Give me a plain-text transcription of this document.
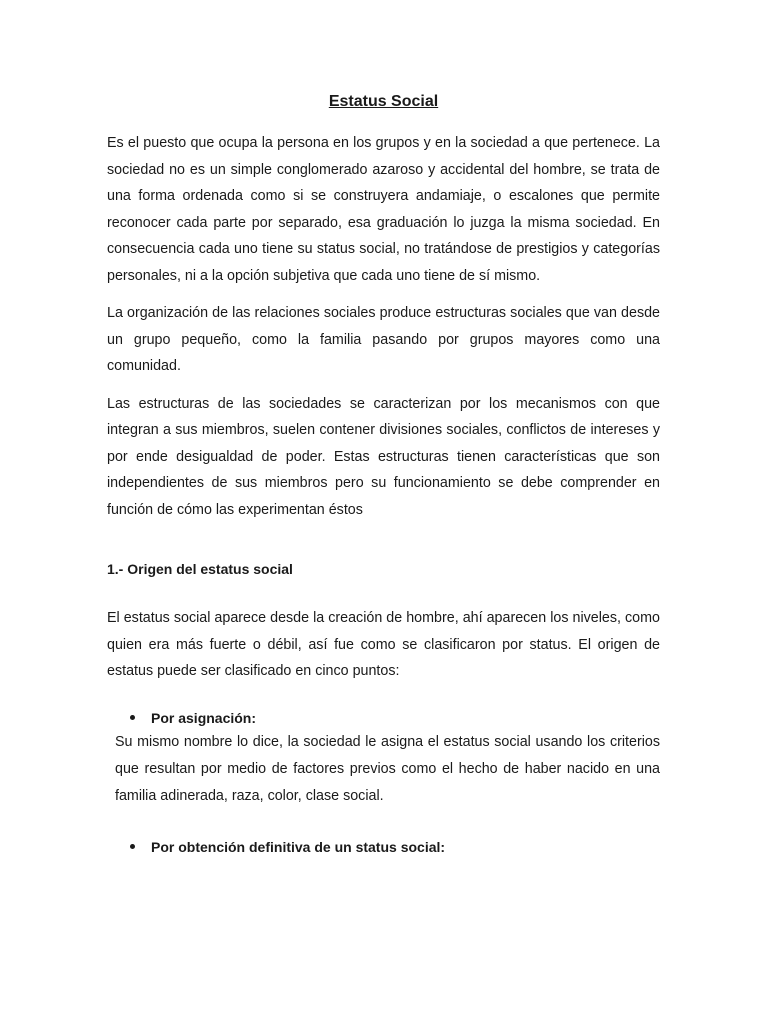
Estatus Social

Es el puesto que ocupa la persona en los grupos y en la sociedad a que pertenece. La sociedad no es un simple conglomerado azaroso y accidental del hombre, se trata de una forma ordenada como si se construyera andamiaje, o escalones que permite reconocer cada parte por separado, esa graduación lo juzga la misma sociedad. En consecuencia cada uno tiene su status social, no tratándose de prestigios y categorías personales, ni a la opción subjetiva que cada uno tiene de sí mismo.

La organización de las relaciones sociales produce estructuras sociales que van desde un grupo pequeño, como la familia pasando por grupos mayores como una comunidad.

Las estructuras de las sociedades se caracterizan por los mecanismos con que integran a sus miembros, suelen contener divisiones sociales, conflictos de intereses y por ende desigualdad de poder. Estas estructuras tienen características que son independientes de sus miembros pero su funcionamiento se debe comprender en función de cómo las experimentan éstos

1.- Origen del estatus social

El estatus social aparece desde la creación de hombre, ahí aparecen los niveles, como quien era más fuerte o débil, así fue como se clasificaron por status. El origen de estatus puede ser clasificado en cinco puntos:

Por asignación:

Su mismo nombre lo dice, la sociedad le asigna el estatus social usando los criterios que resultan por medio de factores previos como el hecho de haber nacido en una familia adinerada, raza, color, clase social.

Por obtención definitiva de un status social:
